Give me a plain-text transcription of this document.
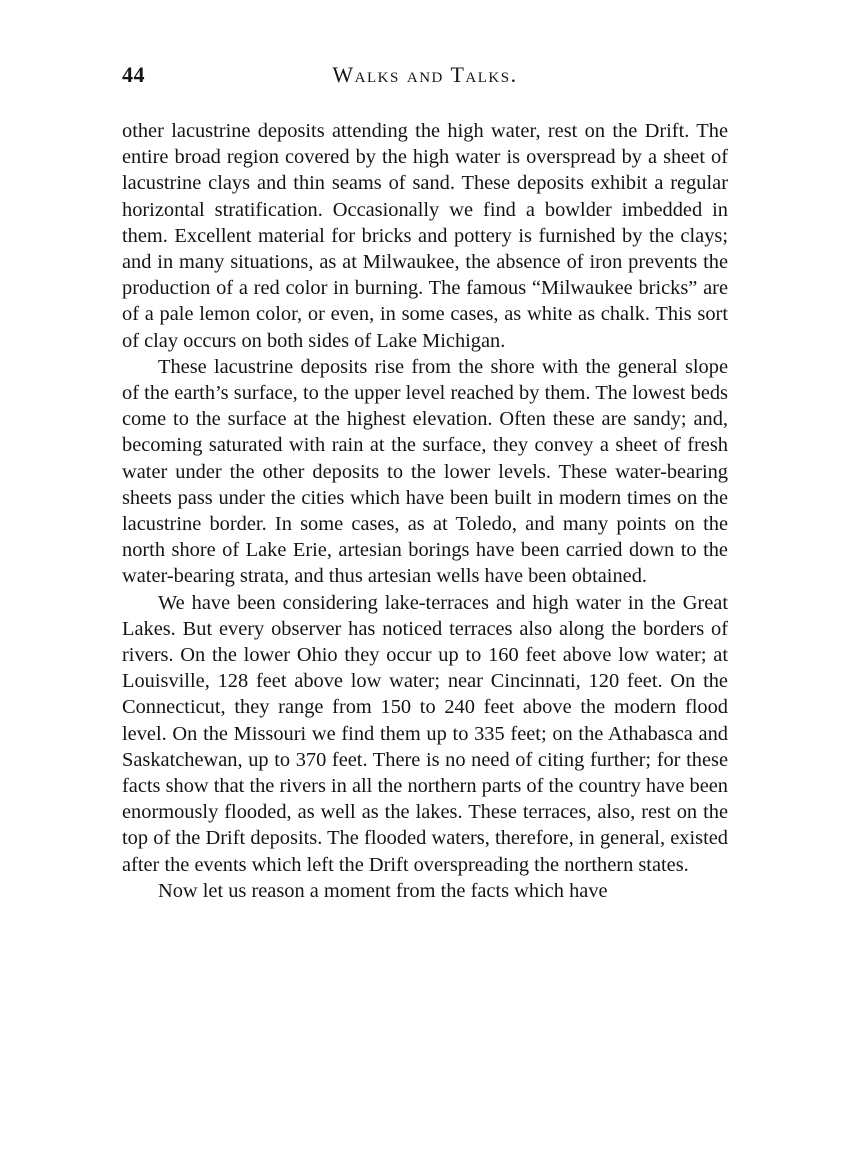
44	Walks and Talks.

other lacustrine deposits attending the high water, rest on the Drift. The entire broad region covered by the high water is overspread by a sheet of lacustrine clays and thin seams of sand. These deposits exhibit a regular horizontal stratification. Occasionally we find a bowlder imbedded in them. Excellent material for bricks and pottery is furnished by the clays; and in many situations, as at Milwaukee, the absence of iron prevents the production of a red color in burning. The famous “Milwaukee bricks” are of a pale lemon color, or even, in some cases, as white as chalk. This sort of clay occurs on both sides of Lake Michigan.

These lacustrine deposits rise from the shore with the general slope of the earth’s surface, to the upper level reached by them. The lowest beds come to the surface at the highest elevation. Often these are sandy; and, becoming saturated with rain at the surface, they convey a sheet of fresh water under the other deposits to the lower levels. These water-bearing sheets pass under the cities which have been built in modern times on the lacustrine border. In some cases, as at Toledo, and many points on the north shore of Lake Erie, artesian borings have been carried down to the water-bearing strata, and thus artesian wells have been obtained.

We have been considering lake-terraces and high water in the Great Lakes. But every observer has noticed terraces also along the borders of rivers. On the lower Ohio they occur up to 160 feet above low water; at Louisville, 128 feet above low water; near Cincinnati, 120 feet. On the Connecticut, they range from 150 to 240 feet above the modern flood level. On the Missouri we find them up to 335 feet; on the Athabasca and Saskatchewan, up to 370 feet. There is no need of citing further; for these facts show that the rivers in all the northern parts of the country have been enormously flooded, as well as the lakes. These terraces, also, rest on the top of the Drift deposits. The flooded waters, therefore, in general, existed after the events which left the Drift overspreading the northern states.

Now let us reason a moment from the facts which have
